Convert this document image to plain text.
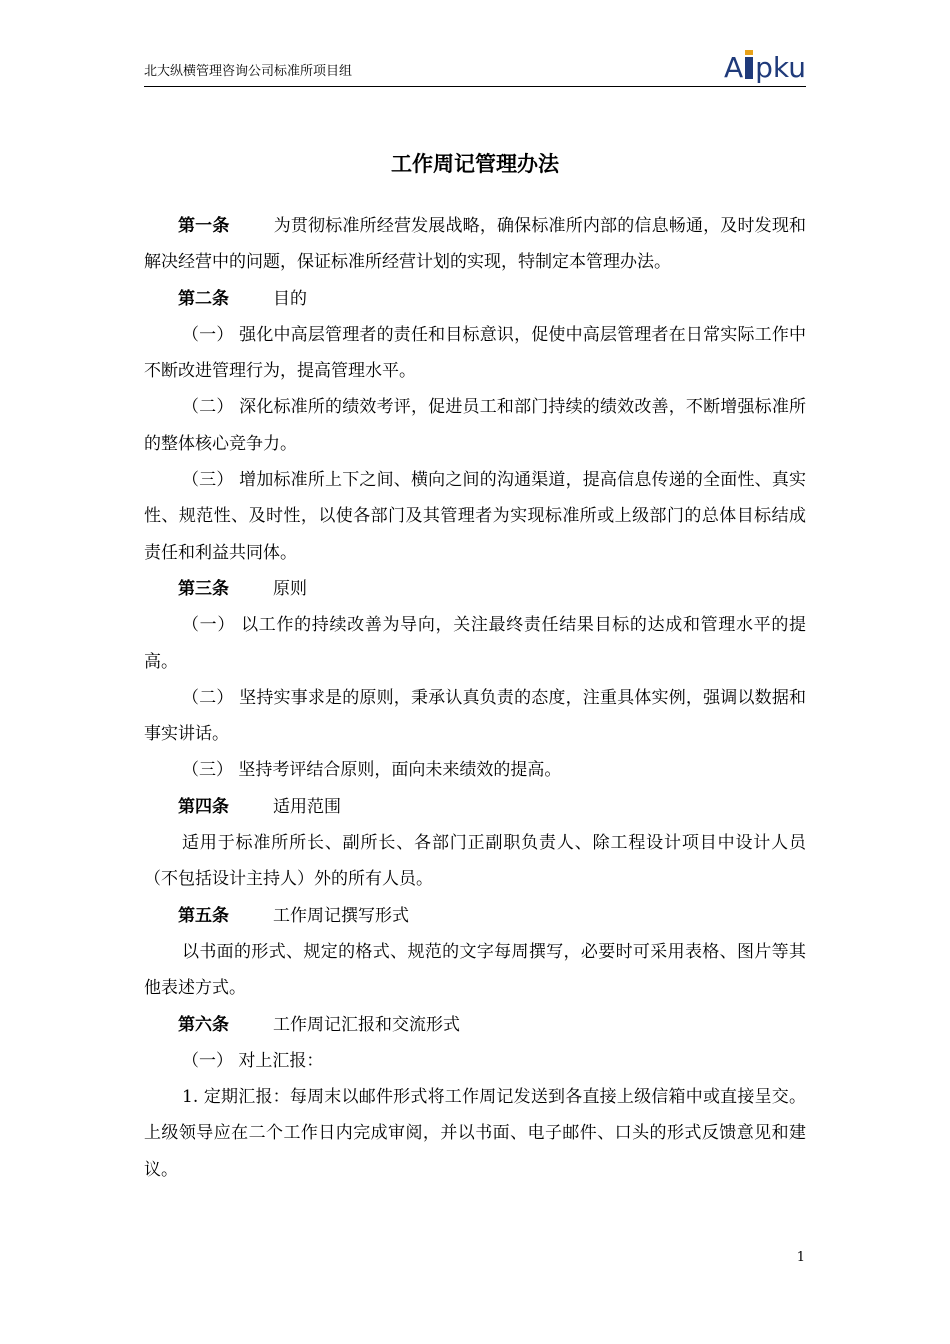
北大纵横管理咨询公司标准所项目组	A pku
工作周记管理办法

第一条	为贯彻标准所经营发展战略，确保标准所内部的信息畅通，及时发现和解决经营中的问题，保证标准所经营计划的实现，特制定本管理办法。

第二条	目的

（一） 强化中高层管理者的责任和目标意识，促使中高层管理者在日常实际工作中不断改进管理行为，提高管理水平。

（二） 深化标准所的绩效考评，促进员工和部门持续的绩效改善，不断增强标准所的整体核心竞争力。

（三） 增加标准所上下之间、横向之间的沟通渠道，提高信息传递的全面性、真实性、规范性、及时性，以使各部门及其管理者为实现标准所或上级部门的总体目标结成责任和利益共同体。

第三条	原则

（一） 以工作的持续改善为导向，关注最终责任结果目标的达成和管理水平的提高。

（二） 坚持实事求是的原则，秉承认真负责的态度，注重具体实例，强调以数据和事实讲话。

（三） 坚持考评结合原则，面向未来绩效的提高。

第四条	适用范围

适用于标准所所长、副所长、各部门正副职负责人、除工程设计项目中设计人员（不包括设计主持人）外的所有人员。

第五条	工作周记撰写形式

以书面的形式、规定的格式、规范的文字每周撰写，必要时可采用表格、图片等其他表述方式。

第六条	工作周记汇报和交流形式

（一） 对上汇报：

1. 定期汇报：每周末以邮件形式将工作周记发送到各直接上级信箱中或直接呈交。上级领导应在二个工作日内完成审阅，并以书面、电子邮件、口头的形式反馈意见和建议。

1
